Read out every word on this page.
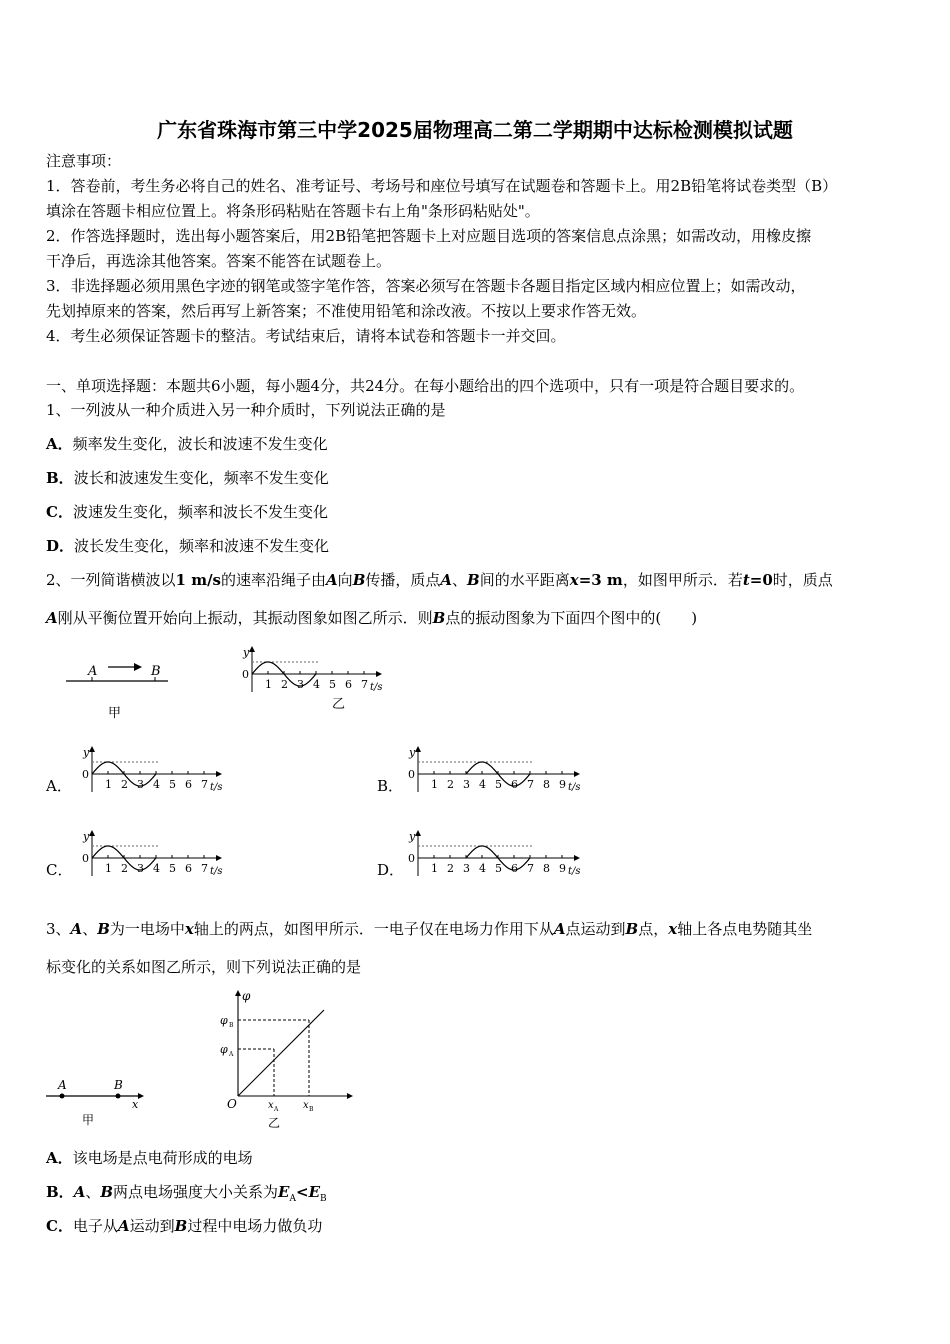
广东省珠海市第三中学2025届物理高二第二学期期中达标检测模拟试题
注意事项：
1．答卷前，考生务必将自己的姓名、准考证号、考场号和座位号填写在试题卷和答题卡上。用2B铅笔将试卷类型（B）
填涂在答题卡相应位置上。将条形码粘贴在答题卡右上角"条形码粘贴处"。
2．作答选择题时，选出每小题答案后，用2B铅笔把答题卡上对应题目选项的答案信息点涂黑；如需改动，用橡皮擦
干净后，再选涂其他答案。答案不能答在试题卷上。
3．非选择题必须用黑色字迹的钢笔或签字笔作答，答案必须写在答题卡各题目指定区域内相应位置上；如需改动，
先划掉原来的答案，然后再写上新答案；不准使用铅笔和涂改液。不按以上要求作答无效。
4．考生必须保证答题卡的整洁。考试结束后，请将本试卷和答题卡一并交回。
一、单项选择题：本题共6小题，每小题4分，共24分。在每小题给出的四个选项中，只有一项是符合题目要求的。
1、一列波从一种介质进入另一种介质时，下列说法正确的是
A．频率发生变化，波长和波速不发生变化
B．波长和波速发生变化，频率不发生变化
C．波速发生变化，频率和波长不发生变化
D．波长发生变化，频率和波速不发生变化
2、一列简谐横波以1 m/s的速率沿绳子由A向B传播，质点A、B间的水平距离x=3 m，如图甲所示．若t=0时，质点
A刚从平衡位置开始向上振动，其振动图象如图乙所示．则B点的振动图象为下面四个图中的(　　)
A	B
甲
y
0
1 2 3 4 5 6 7 t/s
乙
A．
y
0
1 2 3 4 5 6 7 t/s	B．
y
0
1 2 3 4 5 6 7 8 9 t/s
C．
y
0
1 2 3 4 5 6 7 t/s	D．
y
0
1 2 3 4 5 6 7 8 9 t/s
3、A、B为一电场中x轴上的两点，如图甲所示．一电子仅在电场力作用下从A点运动到B点，x轴上各点电势随其坐
标变化的关系如图乙所示，则下列说法正确的是
A	B
x
甲
φ
φ B
φ A
O	x A x B
乙
A．该电场是点电荷形成的电场
B．A、B两点电场强度大小关系为$E_A<E_B$
C．电子从A运动到B过程中电场力做负功
